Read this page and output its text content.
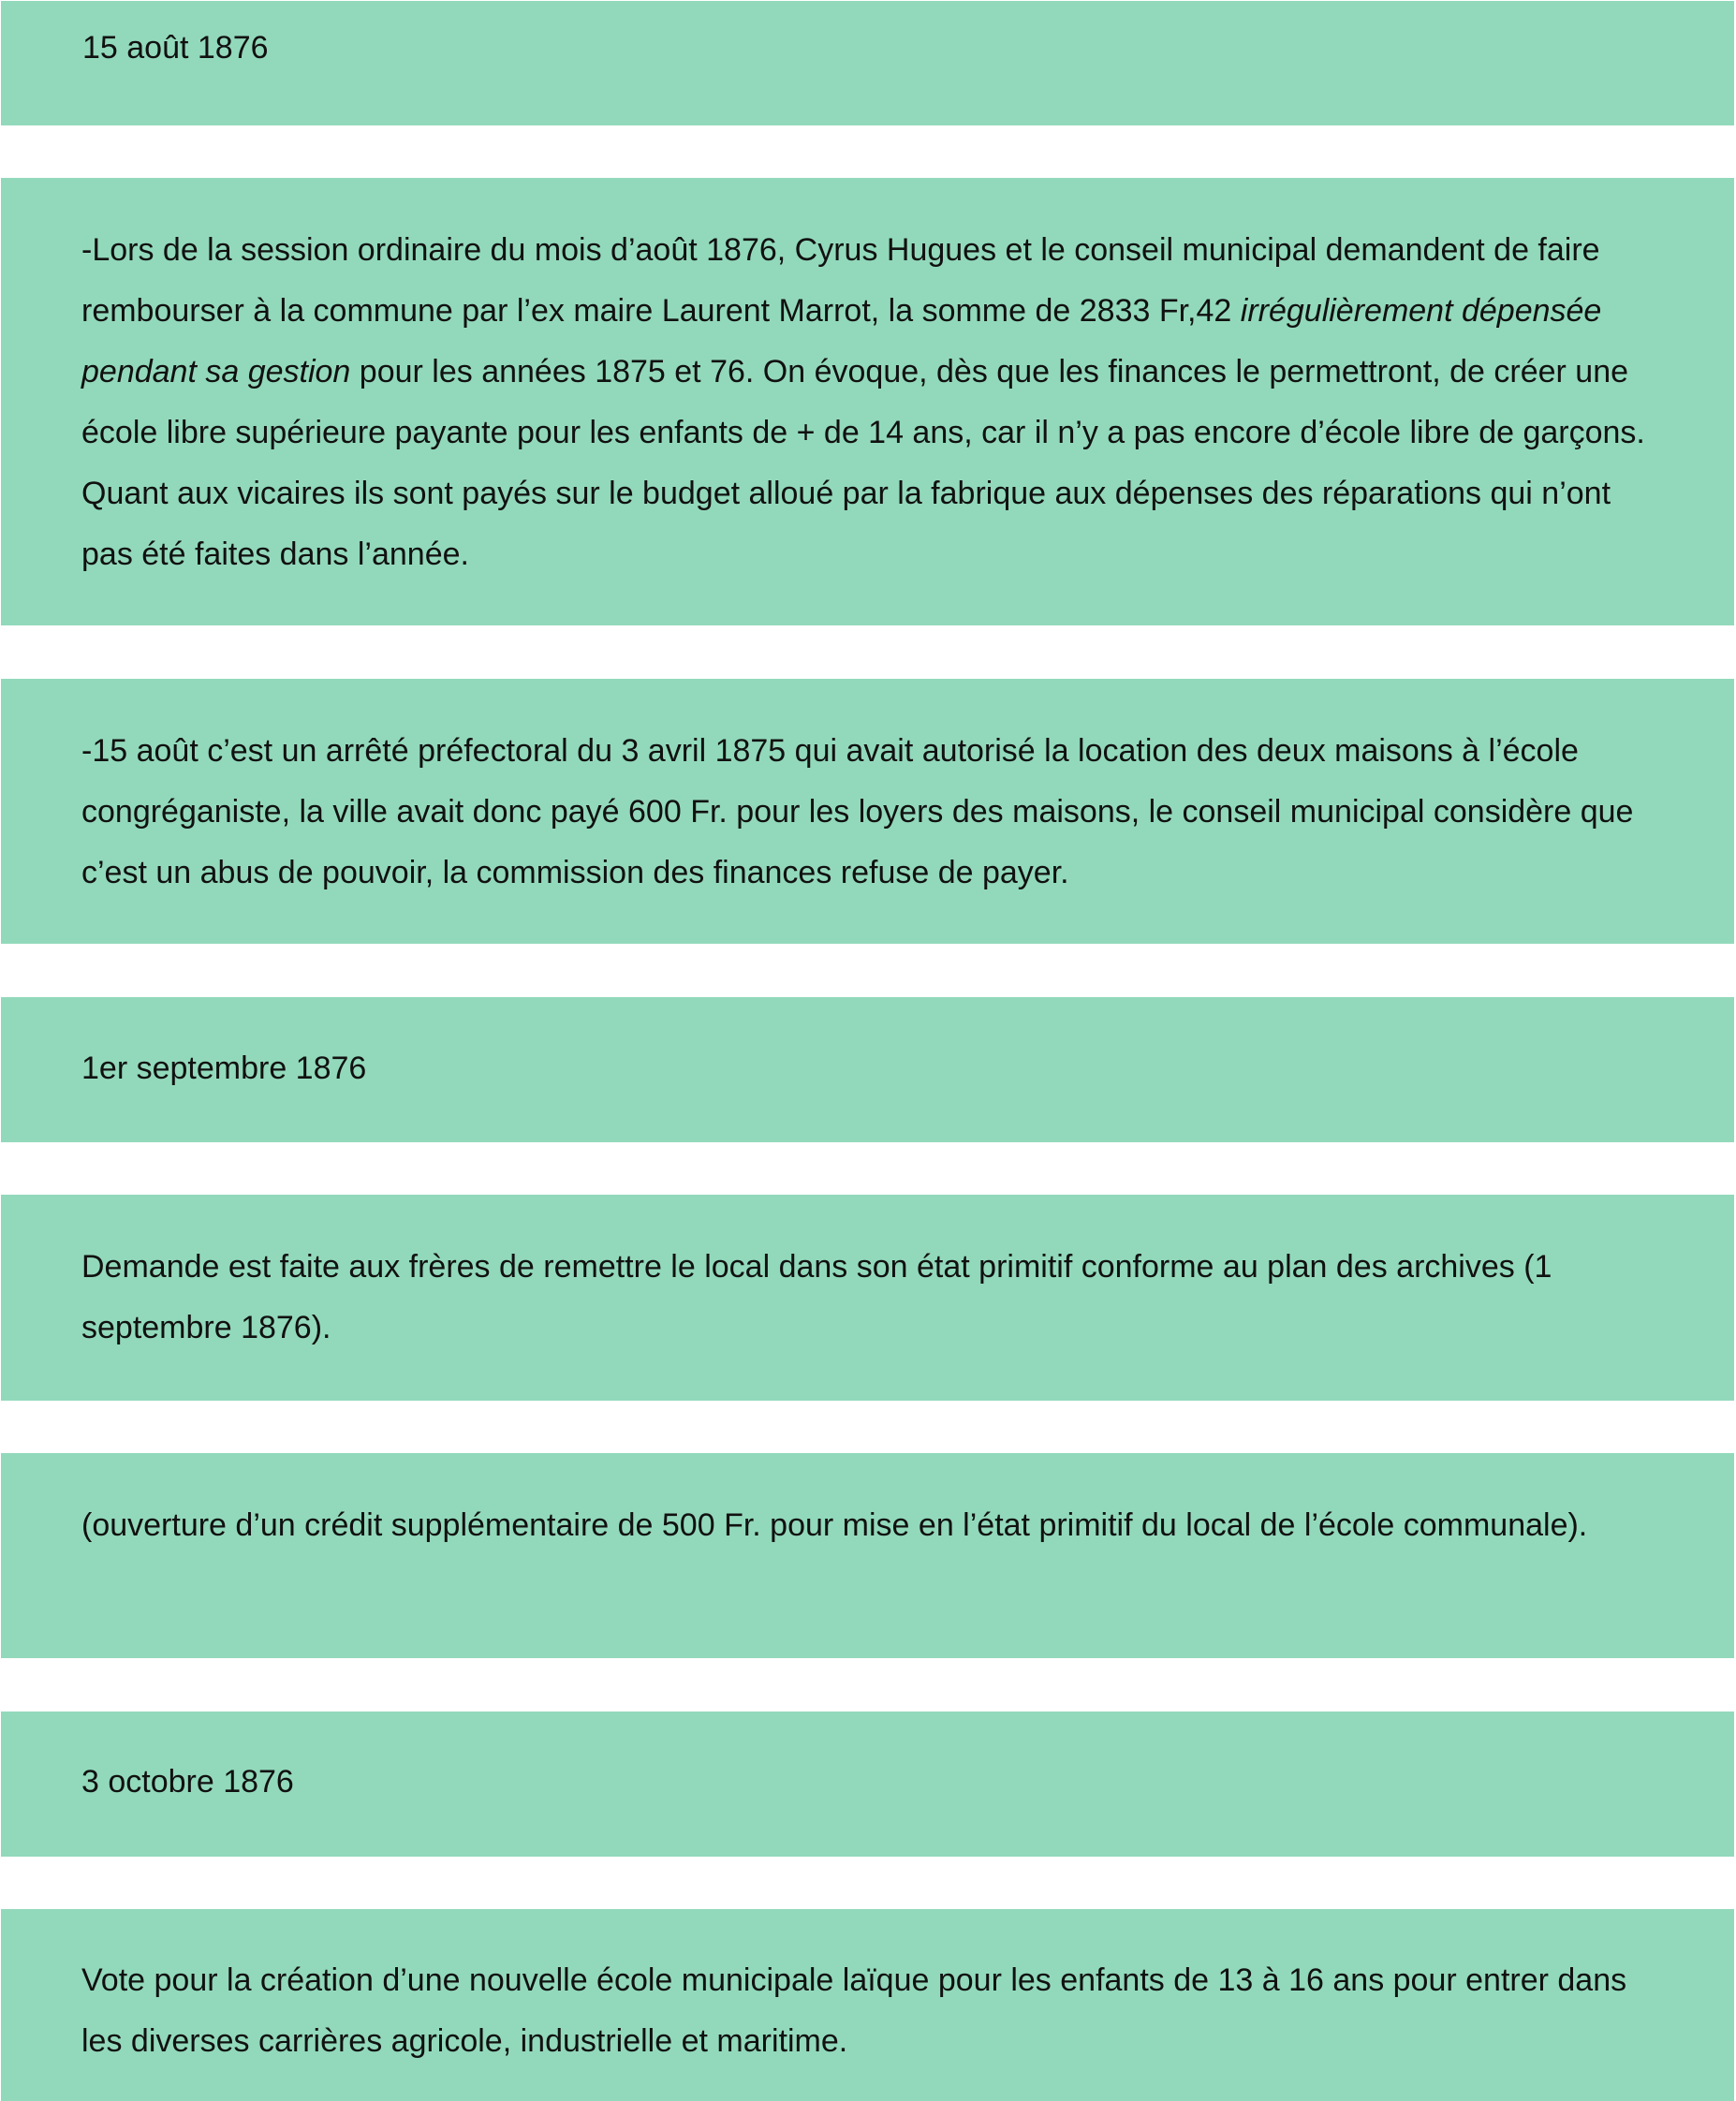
15 août 1876
1er septembre 1876
3 octobre 1876
-Lors de la session ordinaire du mois d’août 1876, Cyrus Hugues et le conseil municipal demandent de faire rembourser à la commune par l’ex maire Laurent Marrot, la somme de 2833 Fr,42 irrégulièrement dépensée pendant sa gestion pour les années 1875 et 76. On évoque, dès que les finances le permettront, de créer une école libre supérieure payante pour les enfants de + de 14 ans, car il n’y a pas encore d’école libre de garçons. Quant aux vicaires ils sont payés sur le budget alloué par la fabrique aux dépenses des réparations qui n’ont pas été faites dans l’année.
-15 août c’est un arrêté préfectoral du 3 avril 1875 qui avait autorisé la location des deux maisons à l’école congréganiste, la ville avait donc payé 600 Fr. pour les loyers des maisons, le conseil municipal considère que c’est un abus de pouvoir, la commission des finances refuse de payer.
Demande est faite aux frères de remettre le local dans son état primitif conforme au plan des archives (1 septembre 1876).
(ouverture d’un crédit supplémentaire de 500 Fr. pour mise en l’état primitif du local de l’école communale).
Vote pour la création d’une nouvelle école municipale laïque pour les enfants de 13 à 16 ans pour entrer dans les diverses carrières agricole, industrielle et maritime.
